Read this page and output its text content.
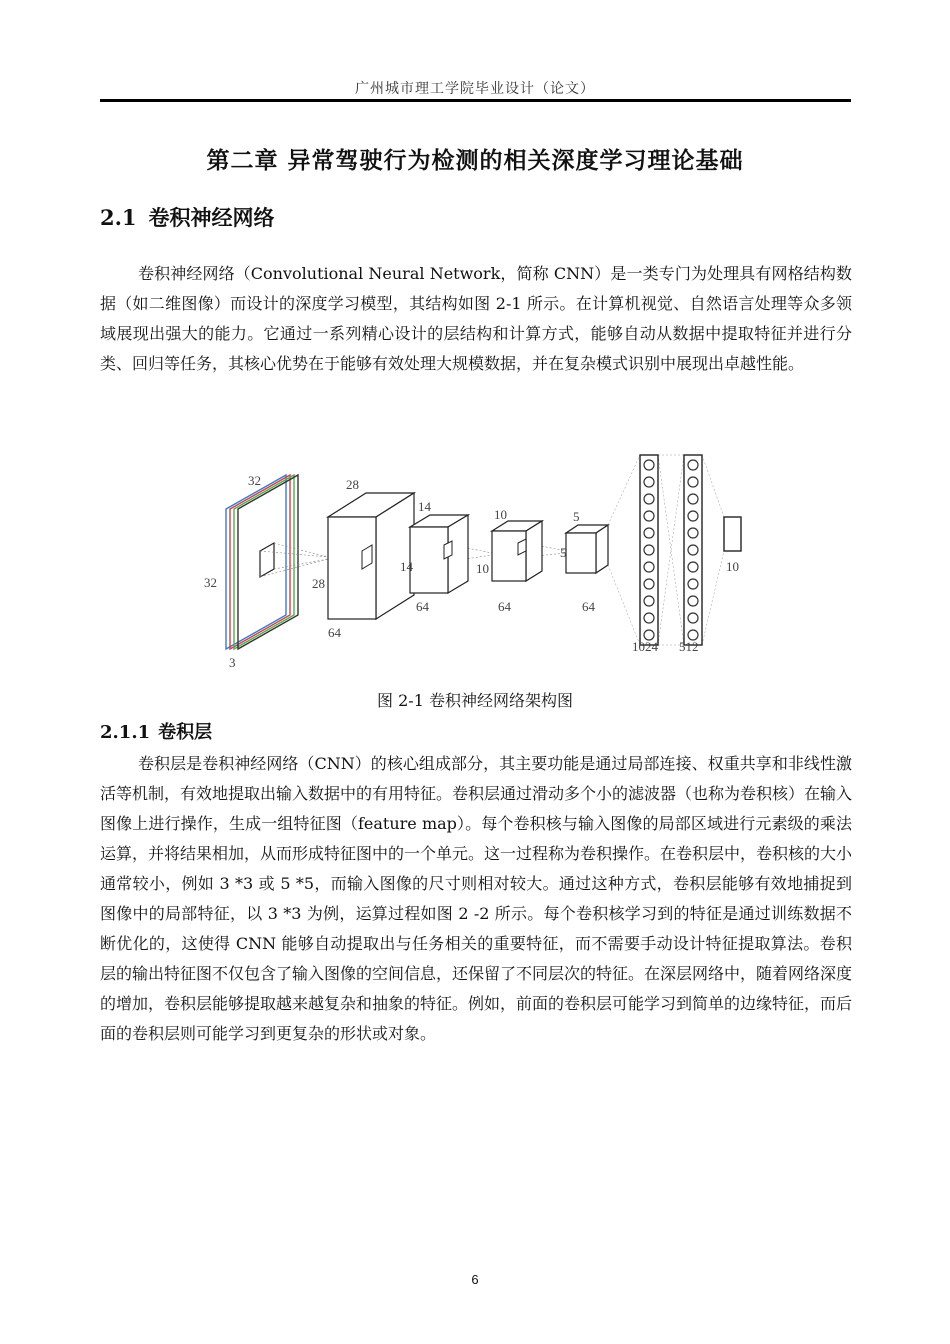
广州城市理工学院毕业设计（论文）
第二章 异常驾驶行为检测的相关深度学习理论基础
2.1 卷积神经网络

卷积神经网络（Convolutional Neural Network，简称 CNN）是一类专门为处理具有网格结构数据（如二维图像）而设计的深度学习模型，其结构如图 2-1 所示。在计算机视觉、自然语言处理等众多领域展现出强大的能力。它通过一系列精心设计的层结构和计算方式，能够自动从数据中提取特征并进行分类、回归等任务，其核心优势在于能够有效处理大规模数据，并在复杂模式识别中展现出卓越性能。

32
32
3
28
28
64
14
14
64
10
10
64
5
5
64
1024 512
10
图 2-1 卷积神经网络架构图
2.1.1 卷积层

卷积层是卷积神经网络（CNN）的核心组成部分，其主要功能是通过局部连接、权重共享和非线性激活等机制，有效地提取出输入数据中的有用特征。卷积层通过滑动多个小的滤波器（也称为卷积核）在输入图像上进行操作，生成一组特征图（feature map）。每个卷积核与输入图像的局部区域进行元素级的乘法运算，并将结果相加，从而形成特征图中的一个单元。这一过程称为卷积操作。在卷积层中，卷积核的大小通常较小，例如 3 *3 或 5 *5，而输入图像的尺寸则相对较大。通过这种方式，卷积层能够有效地捕捉到图像中的局部特征，以 3 *3 为例，运算过程如图 2 -2 所示。每个卷积核学习到的特征是通过训练数据不断优化的，这使得 CNN 能够自动提取出与任务相关的重要特征，而不需要手动设计特征提取算法。卷积层的输出特征图不仅包含了输入图像的空间信息，还保留了不同层次的特征。在深层网络中，随着网络深度的增加，卷积层能够提取越来越复杂和抽象的特征。例如，前面的卷积层可能学习到简单的边缘特征，而后面的卷积层则可能学习到更复杂的形状或对象。

6
